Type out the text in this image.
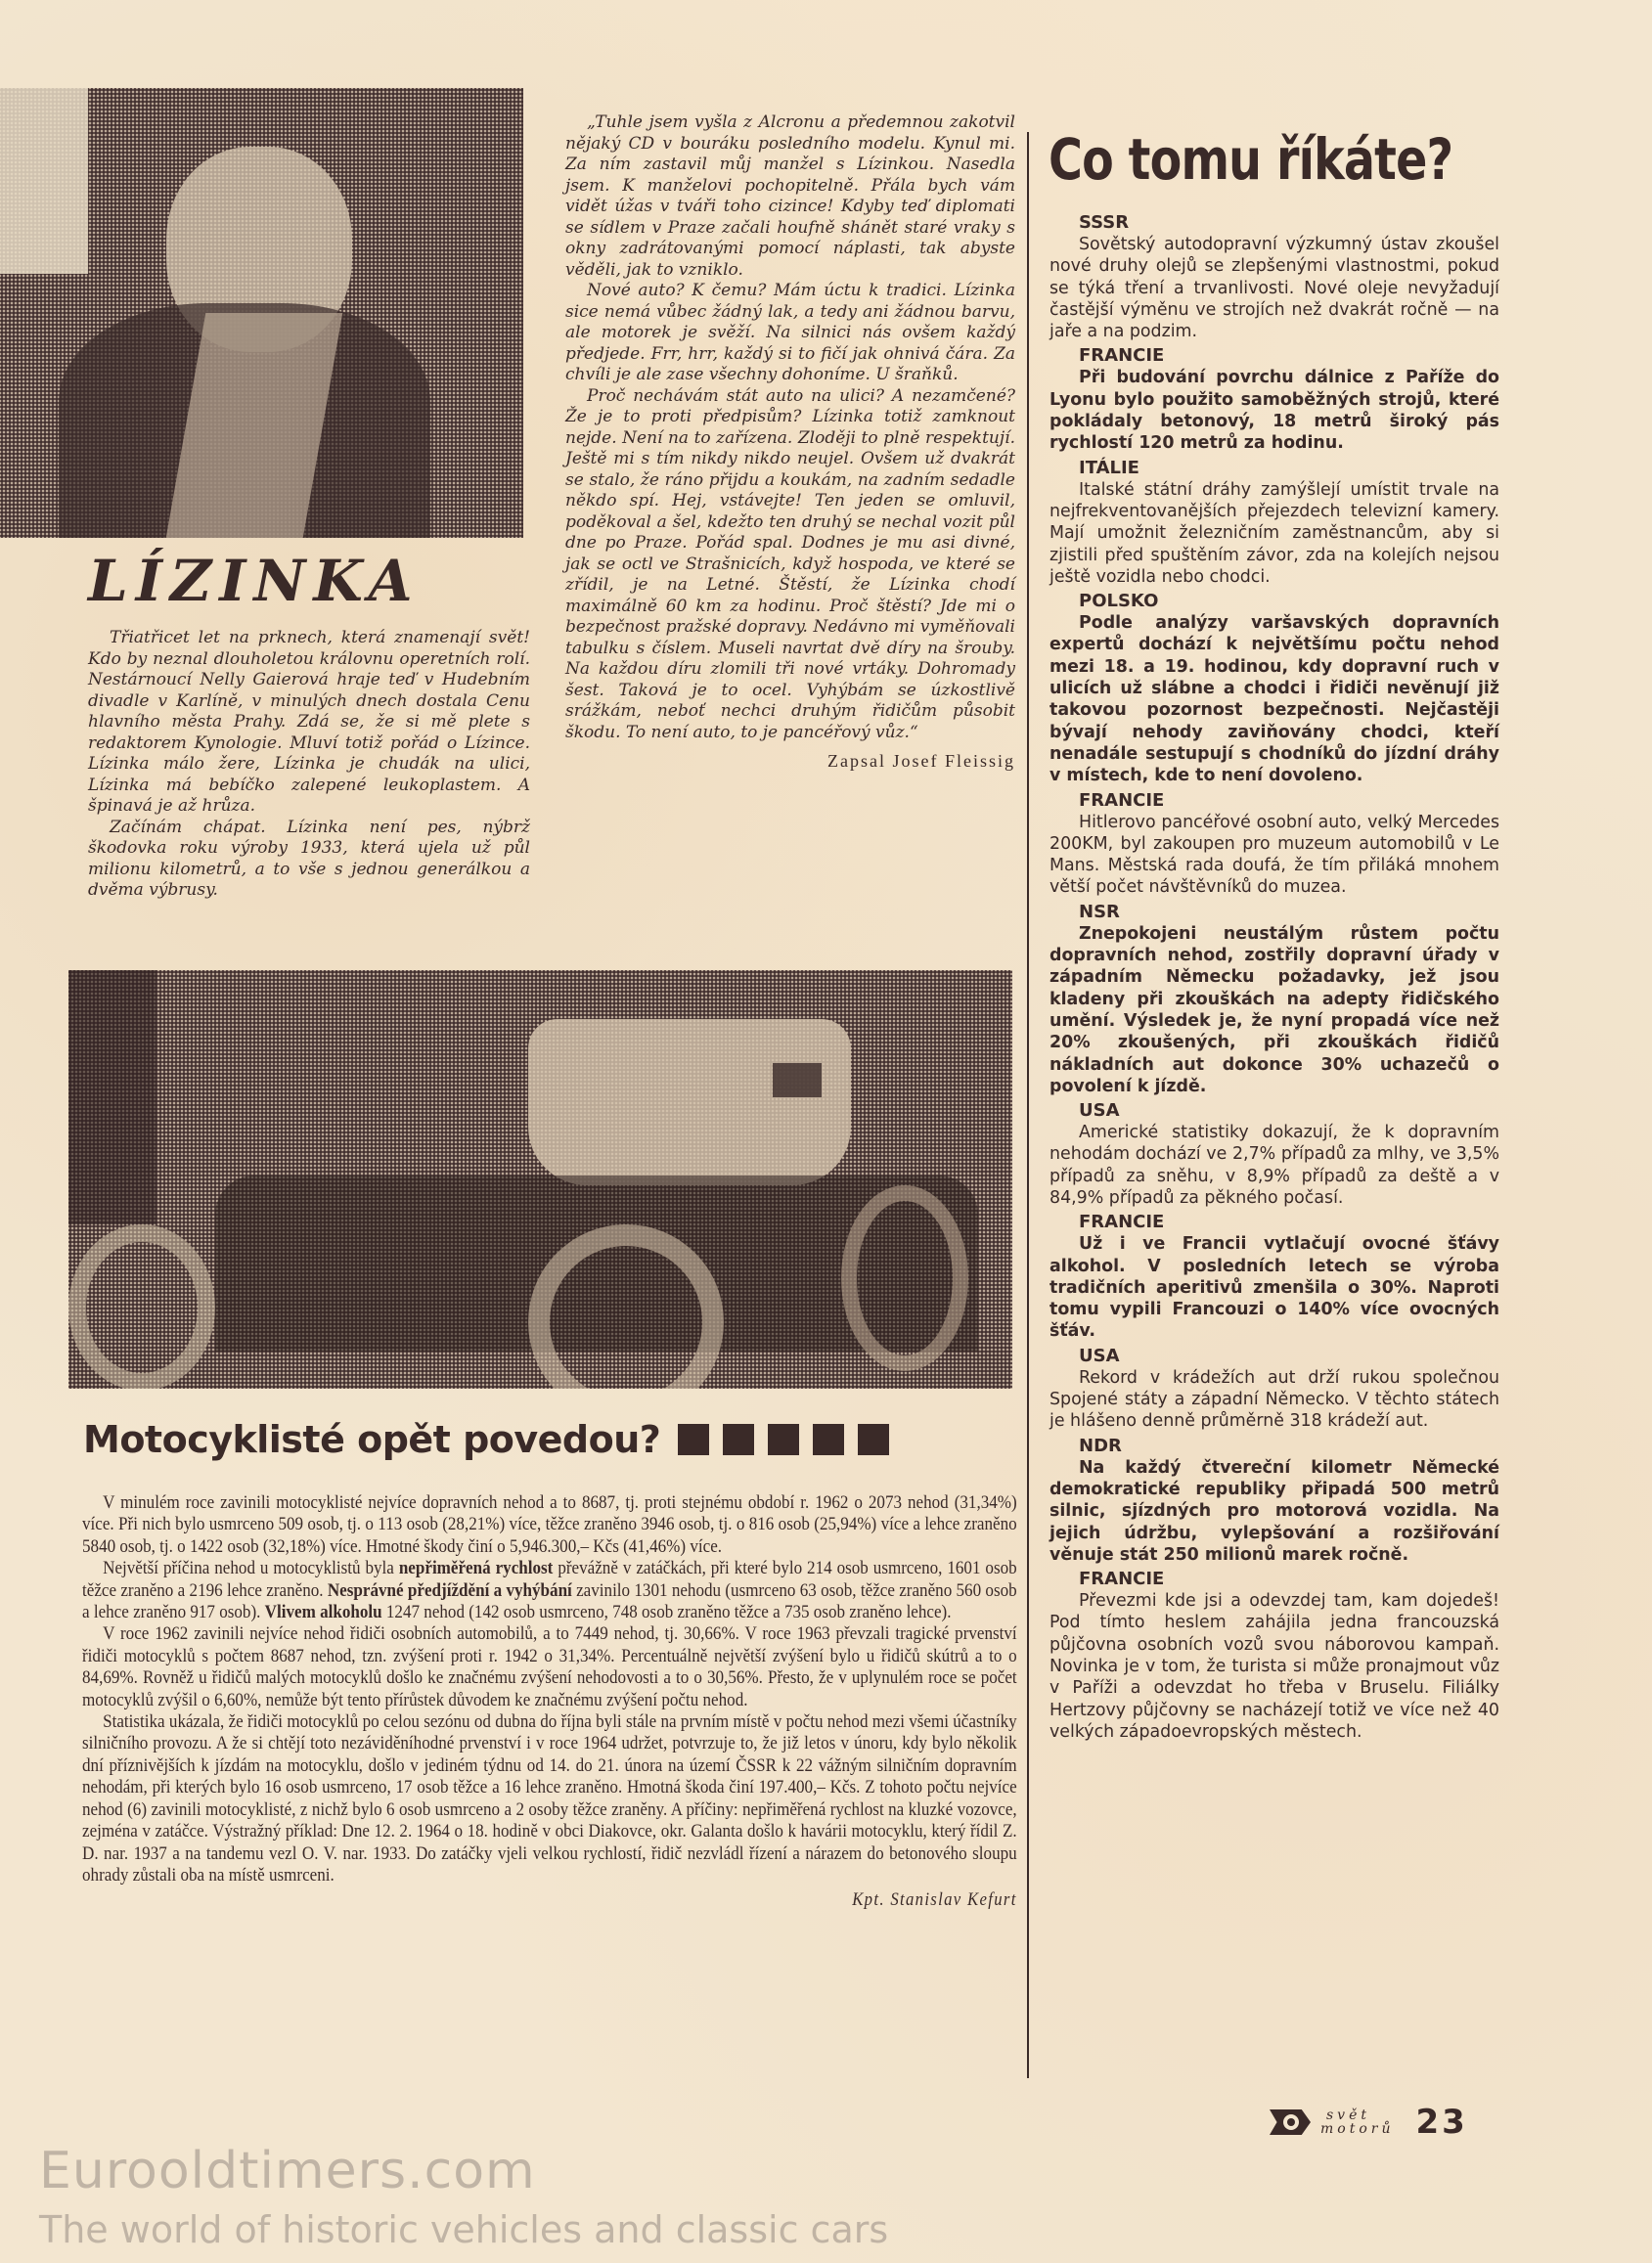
LÍZINKA

Třiatřicet let na prknech, která znamenají svět! Kdo by neznal dlouholetou královnu operetních rolí. Nestárnoucí Nelly Gaierová hraje teď v Hudebním divadle v Karlíně, v minulých dnech dostala Cenu hlavního města Prahy. Zdá se, že si mě plete s redaktorem Kynologie. Mluví totiž pořád o Lízince. Lízinka málo žere, Lízinka je chudák na ulici, Lízinka má bebíčko zalepené leukoplastem. A špinavá je až hrůza.

Začínám chápat. Lízinka není pes, nýbrž škodovka roku výroby 1933, která ujela už půl milionu kilometrů, a to vše s jednou generálkou a dvěma výbrusy.

„Tuhle jsem vyšla z Alcronu a předemnou zakotvil nějaký CD v bouráku posledního modelu. Kynul mi. Za ním zastavil můj manžel s Lízinkou. Nasedla jsem. K manželovi pochopitelně. Přála bych vám vidět úžas v tváři toho cizince! Kdyby teď diplomati se sídlem v Praze začali houfně shánět staré vraky s okny zadrátovanými pomocí náplasti, tak abyste věděli, jak to vzniklo.

Nové auto? K čemu? Mám úctu k tradici. Lízinka sice nemá vůbec žádný lak, a tedy ani žádnou barvu, ale motorek je svěží. Na silnici nás ovšem každý předjede. Frr, hrr, každý si to fičí jak ohnivá čára. Za chvíli je ale zase všechny dohoníme. U šraňků.

Proč nechávám stát auto na ulici? A nezamčené? Že je to proti předpisům? Lízinka totiž zamknout nejde. Není na to zařízena. Zloději to plně respektují. Ještě mi s tím nikdy nikdo neujel. Ovšem už dvakrát se stalo, že ráno přijdu a koukám, na zadním sedadle někdo spí. Hej, vstávejte! Ten jeden se omluvil, poděkoval a šel, kdežto ten druhý se nechal vozit půl dne po Praze. Pořád spal. Dodnes je mu asi divné, jak se octl ve Strašnicích, když hospoda, ve které se zřídil, je na Letné. Štěstí, že Lízinka chodí maximálně 60 km za hodinu. Proč štěstí? Jde mi o bezpečnost pražské dopravy. Nedávno mi vyměňovali tabulku s číslem. Museli navrtat dvě díry na šrouby. Na každou díru zlomili tři nové vrtáky. Dohromady šest. Taková je to ocel. Vyhýbám se úzkostlivě srážkám, neboť nechci druhým řidičům působit škodu. To není auto, to je pancéřový vůz.“

Zapsal Josef Fleissig
Motocyklisté opět povedou?

V minulém roce zavinili motocyklisté nejvíce dopravních nehod a to 8687, tj. proti stejnému období r. 1962 o 2073 nehod (31,34%) více. Při nich bylo usmrceno 509 osob, tj. o 113 osob (28,21%) více, těžce zraněno 3946 osob, tj. o 816 osob (25,94%) více a lehce zraněno 5840 osob, tj. o 1422 osob (32,18%) více. Hmotné škody činí o 5,946.300,– Kčs (41,46%) více.

Největší příčina nehod u motocyklistů byla nepřiměřená rychlost převážně v zatáčkách, při které bylo 214 osob usmrceno, 1601 osob těžce zraněno a 2196 lehce zraněno. Nesprávné předjíždění a vyhýbání zavinilo 1301 nehodu (usmrceno 63 osob, těžce zraněno 560 osob a lehce zraněno 917 osob). Vlivem alkoholu 1247 nehod (142 osob usmrceno, 748 osob zraněno těžce a 735 osob zraněno lehce).

V roce 1962 zavinili nejvíce nehod řidiči osobních automobilů, a to 7449 nehod, tj. 30,66%. V roce 1963 převzali tragické prvenství řidiči motocyklů s počtem 8687 nehod, tzn. zvýšení proti r. 1942 o 31,34%. Percentuálně největší zvýšení bylo u řidičů skútrů a to o 84,69%. Rovněž u řidičů malých motocyklů došlo ke značnému zvýšení nehodovosti a to o 30,56%. Přesto, že v uplynulém roce se počet motocyklů zvýšil o 6,60%, nemůže být tento přírůstek důvodem ke značnému zvýšení počtu nehod.

Statistika ukázala, že řidiči motocyklů po celou sezónu od dubna do října byli stále na prvním místě v počtu nehod mezi všemi účastníky silničního provozu. A že si chtějí toto nezáviděníhodné prvenství i v roce 1964 udržet, potvrzuje to, že již letos v únoru, kdy bylo několik dní příznivějších k jízdám na motocyklu, došlo v jediném týdnu od 14. do 21. února na území ČSSR k 22 vážným silničním dopravním nehodám, při kterých bylo 16 osob usmrceno, 17 osob těžce a 16 lehce zraněno. Hmotná škoda činí 197.400,– Kčs. Z tohoto počtu nejvíce nehod (6) zavinili motocyklisté, z nichž bylo 6 osob usmrceno a 2 osoby těžce zraněny. A příčiny: nepřiměřená rychlost na kluzké vozovce, zejména v zatáčce. Výstražný příklad: Dne 12. 2. 1964 o 18. hodině v obci Diakovce, okr. Galanta došlo k havárii motocyklu, který řídil Z. D. nar. 1937 a na tandemu vezl O. V. nar. 1933. Do zatáčky vjeli velkou rychlostí, řidič nezvládl řízení a nárazem do betonového sloupu ohrady zůstali oba na místě usmrceni.

Kpt. Stanislav Kefurt
Co tomu říkáte?
SSSR

Sovětský autodopravní výzkumný ústav zkoušel nové druhy olejů se zlepšenými vlastnostmi, pokud se týká tření a trvanlivosti. Nové oleje nevyžadují častější výměnu ve strojích než dvakrát ročně — na jaře a na podzim.

FRANCIE

Při budování povrchu dálnice z Paříže do Lyonu bylo použito samoběžných strojů, které pokládaly betonový, 18 metrů široký pás rychlostí 120 metrů za hodinu.

ITÁLIE

Italské státní dráhy zamýšlejí umístit trvale na nejfrekventovanějších přejezdech televizní kamery. Mají umožnit železničním zaměstnancům, aby si zjistili před spuštěním závor, zda na kolejích nejsou ještě vozidla nebo chodci.

POLSKO

Podle analýzy varšavských dopravních expertů dochází k největšímu počtu nehod mezi 18. a 19. hodinou, kdy dopravní ruch v ulicích už slábne a chodci i řidiči nevěnují již takovou pozornost bezpečnosti. Nejčastěji bývají nehody zaviňovány chodci, kteří nenadále sestupují s chodníků do jízdní dráhy v místech, kde to není dovoleno.

FRANCIE

Hitlerovo pancéřové osobní auto, velký Mercedes 200KM, byl zakoupen pro muzeum automobilů v Le Mans. Městská rada doufá, že tím přiláká mnohem větší počet návštěvníků do muzea.

NSR

Znepokojeni neustálým růstem počtu dopravních nehod, zostřily dopravní úřady v západním Německu požadavky, jež jsou kladeny při zkouškách na adepty řidičského umění. Výsledek je, že nyní propadá více než 20% zkoušených, při zkouškách řidičů nákladních aut dokonce 30% uchazečů o povolení k jízdě.

USA

Americké statistiky dokazují, že k dopravním nehodám dochází ve 2,7% případů za mlhy, ve 3,5% případů za sněhu, v 8,9% případů za deště a v 84,9% případů za pěkného počasí.

FRANCIE

Už i ve Francii vytlačují ovocné šťávy alkohol. V posledních letech se výroba tradičních aperitivů zmenšila o 30%. Naproti tomu vypili Francouzi o 140% více ovocných šťáv.

USA

Rekord v krádežích aut drží rukou společnou Spojené státy a západní Německo. V těchto státech je hlášeno denně průměrně 318 krádeží aut.

NDR

Na každý čtvereční kilometr Německé demokratické republiky připadá 500 metrů silnic, sjízdných pro motorová vozidla. Na jejich údržbu, vylepšování a rozšiřování věnuje stát 250 milionů marek ročně.

FRANCIE

Převezmi kde jsi a odevzdej tam, kam dojedeš! Pod tímto heslem zahájila jedna francouzská půjčovna osobních vozů svou náborovou kampaň. Novinka je v tom, že turista si může pronajmout vůz v Paříži a odevzdat ho třeba v Bruselu. Filiálky Hertzovy půjčovny se nacházejí totiž ve více než 40 velkých západoevropských městech.

svět
motorů 23
Eurooldtimers.com
The world of historic vehicles and classic cars
